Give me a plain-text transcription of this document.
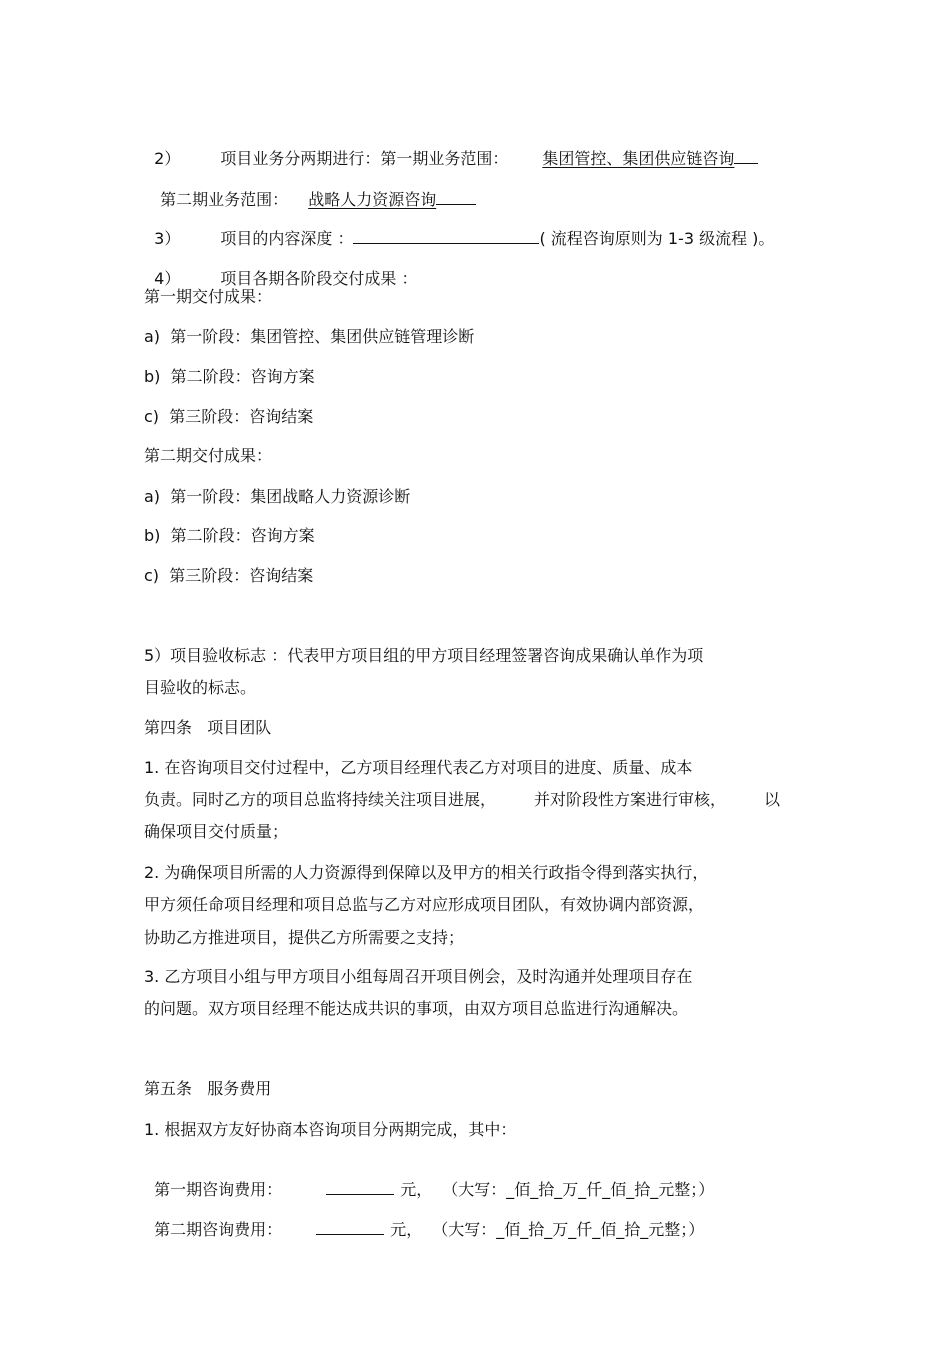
2）	项目业务分两期进行：第一期业务范围： 集团管控、集团供应链咨询

第二期业务范围： 战略人力资源咨询

3）	项目的内容深度 ：	( 流程咨询原则为 1-3 级流程 )。

4）	项目各期各阶段交付成果 ：

第一期交付成果：
a) 第一阶段：集团管控、集团供应链管理诊断
b) 第二阶段：咨询方案
c) 第三阶段：咨询结案
第二期交付成果：
a) 第一阶段：集团战略人力资源诊断
b) 第二阶段：咨询方案
c) 第三阶段：咨询结案
5）项目验收标志 ：代表甲方项目组的甲方项目经理签署咨询成果确认单作为项
目验收的标志。
第四条   项目团队
1. 在咨询项目交付过程中，乙方项目经理代表乙方对项目的进度、质量、成本
负责。同时乙方的项目总监将持续关注项目进展， 并对阶段性方案进行审核， 以
确保项目交付质量；
2. 为确保项目所需的人力资源得到保障以及甲方的相关行政指令得到落实执行，
甲方须任命项目经理和项目总监与乙方对应形成项目团队，有效协调内部资源，
协助乙方推进项目，提供乙方所需要之支持；
3. 乙方项目小组与甲方项目小组每周召开项目例会，及时沟通并处理项目存在
的问题。双方项目经理不能达成共识的事项，由双方项目总监进行沟通解决。
第五条   服务费用
1. 根据双方友好协商本咨询项目分两期完成，其中：

第一期咨询费用：	元， （大写：_佰_拾_万_仟_佰_拾_元整；）

第二期咨询费用：	元， （大写：_佰_拾_万_仟_佰_拾_元整；）
